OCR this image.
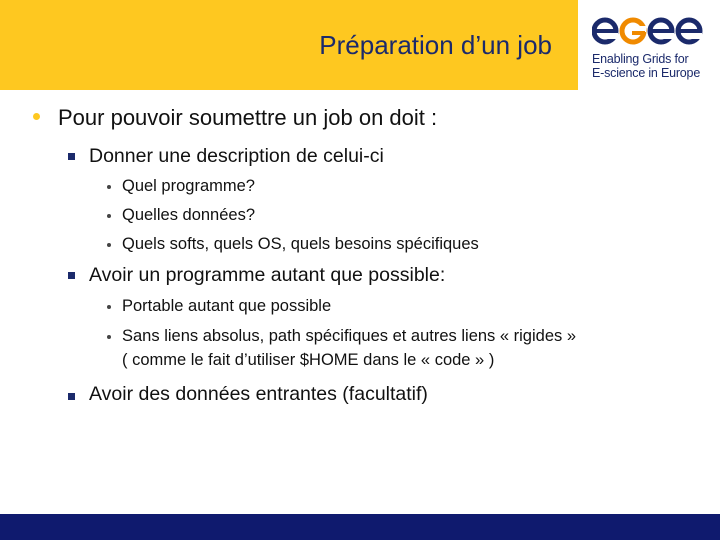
Préparation d’un job	Enabling Grids for
E-science in Europe
Pour pouvoir soumettre un job on doit :
Donner une description de celui-ci
Quel programme?
Quelles données?
Quels softs, quels OS, quels besoins spécifiques
Avoir un programme autant que possible:
Portable autant que possible
Sans liens absolus, path spécifiques et autres liens « rigides »
( comme le fait d’utiliser $HOME dans le « code » )
Avoir des données entrantes (facultatif)
